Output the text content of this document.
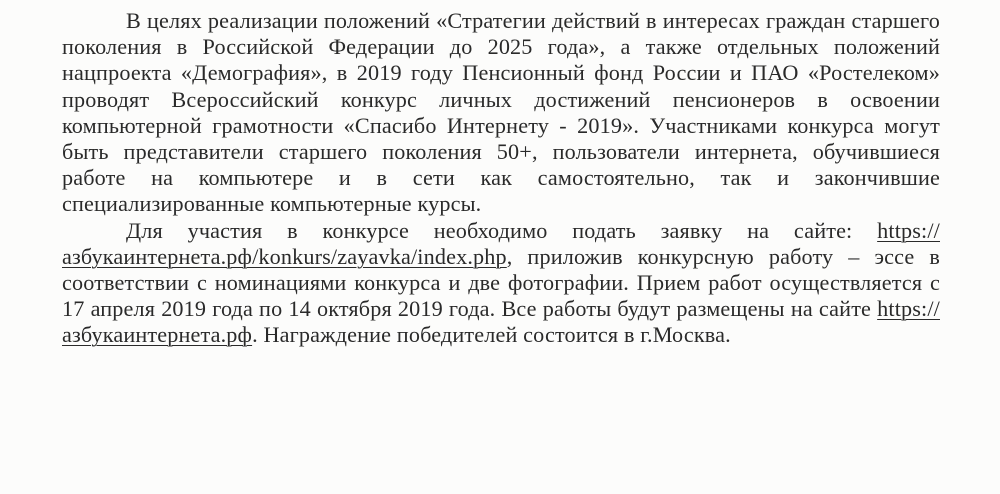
В целях реализации положений «Стратегии действий в интересах граждан старшего поколения в Российской Федерации до 2025 года», а также отдельных положений нацпроекта «Демография», в 2019 году Пенсионный фонд России и ПАО «Ростелеком» проводят Всероссийский конкурс личных достижений пенсионеров в освоении компьютерной грамотности «Спасибо Интернету - 2019». Участниками конкурса могут быть представители старшего поколения 50+, пользователи интернета, обучившиеся работе на компьютере и в сети как самостоятельно, так и закончившие специализированные компьютерные курсы.

Для участия в конкурсе необходимо подать заявку на сайте: https://азбукаинтернета.рф/konkurs/zayavka/index.php, приложив конкурсную работу – эссе в соответствии с номинациями конкурса и две фотографии. Прием работ осуществляется с 17 апреля 2019 года по 14 октября 2019 года. Все работы будут размещены на сайте https://азбукаинтернета.рф. Награждение победителей состоится в г.Москва.
